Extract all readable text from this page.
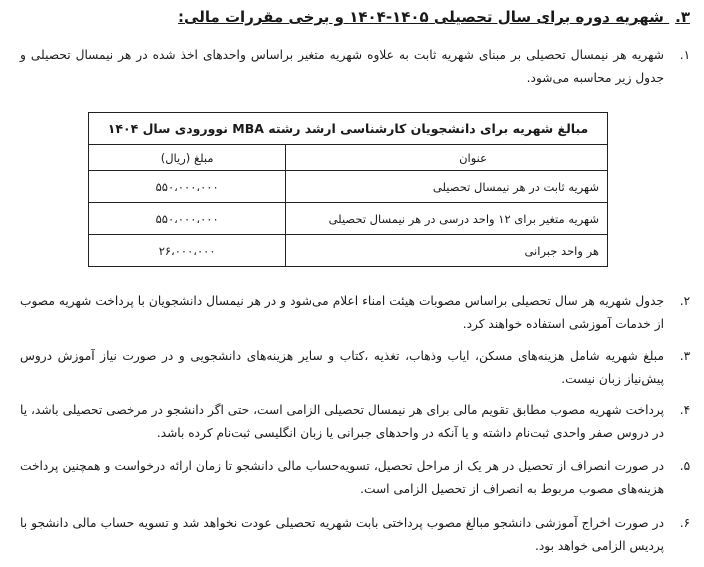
۳. شهریه دوره برای سال تحصیلی ۱۴۰۵-۱۴۰۴ و برخی مقررات مالی:
۱.
شهریه هر نیمسال تحصیلی بر مبنای شهریه ثابت به علاوه شهریه متغیر براساس واحدهای اخذ شده در هر نیمسال تحصیلی و جدول زیر محاسبه می‌شود.
مبالغ شهریه برای دانشجویان کارشناسی ارشد رشته MBA نوورودی سال ۱۴۰۴	
عنوان	مبلغ (ریال)
شهریه ثابت در هر نیمسال تحصیلی	۵۵۰،۰۰۰،۰۰۰
شهریه متغیر برای ۱۲ واحد درسی در هر نیمسال تحصیلی	۵۵۰،۰۰۰،۰۰۰
هر واحد جبرانی	۲۶،۰۰۰،۰۰۰
۲.
جدول شهریه هر سال تحصیلی براساس مصوبات هیئت امناء اعلام می‌شود و در هر نیمسال دانشجویان با پرداخت شهریه مصوب از خدمات آموزشی استفاده خواهند کرد.
۳.
مبلغ شهریه شامل هزینه‌های مسکن، ایاب وذهاب، تغذیه ،کتاب و سایر هزینه‌های دانشجویی و در صورت نیاز آموزش دروس پیش‌نیاز زبان نیست.
۴.
پرداخت شهریه مصوب مطابق تقویم مالی برای هر نیمسال تحصیلی الزامی است، حتی اگر دانشجو در مرخصی تحصیلی باشد، یا در دروس صفر واحدی ثبت‌نام داشته و یا آنکه در واحدهای جبرانی یا زبان انگلیسی ثبت‌نام کرده باشد.
۵.
در صورت انصراف از تحصیل در هر یک از مراحل تحصیل، تسویه‌حساب مالی دانشجو تا زمان ارائه درخواست و همچنین پرداخت هزینه‌های مصوب مربوط به انصراف از تحصیل الزامی است.
۶.
در صورت اخراج آموزشی دانشجو مبالغ مصوب پرداختی بابت شهریه تحصیلی عودت نخواهد شد و تسویه حساب مالی دانشجو با پردیس الزامی خواهد بود.
